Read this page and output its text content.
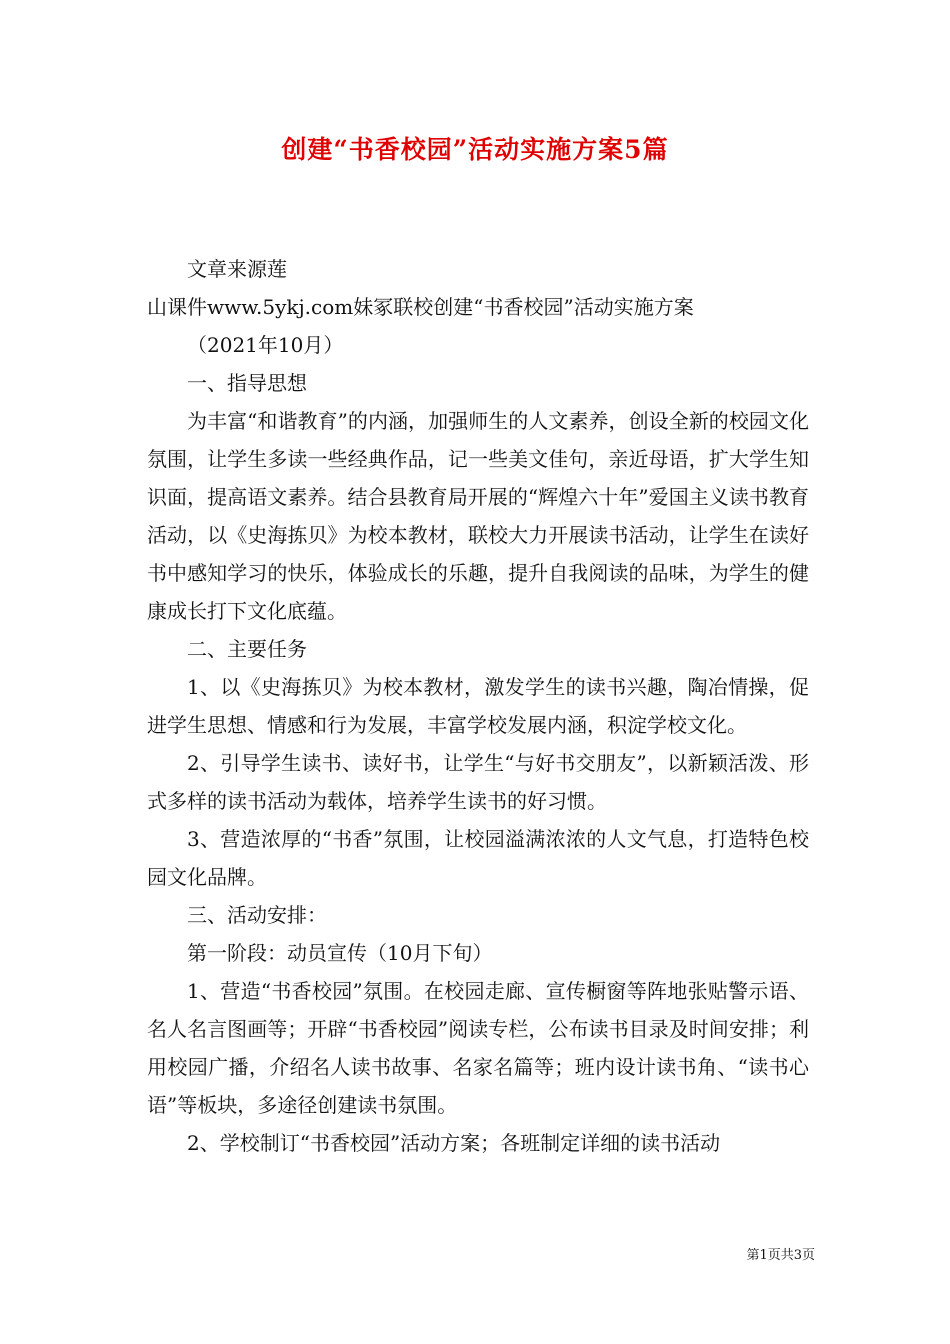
创建“书香校园”活动实施方案5篇

文章来源莲

山课件www.5ykj.com妹冢联校创建“书香校园”活动实施方案

（2021年10月）

一、指导思想

为丰富“和谐教育”的内涵，加强师生的人文素养，创设全新的校园文化氛围，让学生多读一些经典作品，记一些美文佳句，亲近母语，扩大学生知识面，提高语文素养。结合县教育局开展的“辉煌六十年”爱国主义读书教育活动，以《史海拣贝》为校本教材，联校大力开展读书活动，让学生在读好书中感知学习的快乐，体验成长的乐趣，提升自我阅读的品味，为学生的健康成长打下文化底蕴。

二、主要任务

1、以《史海拣贝》为校本教材，激发学生的读书兴趣，陶冶情操，促进学生思想、情感和行为发展，丰富学校发展内涵，积淀学校文化。

2、引导学生读书、读好书，让学生“与好书交朋友”，以新颖活泼、形式多样的读书活动为载体，培养学生读书的好习惯。

3、营造浓厚的“书香”氛围，让校园溢满浓浓的人文气息，打造特色校园文化品牌。

三、活动安排：

第一阶段：动员宣传（10月下旬）

1、营造“书香校园”氛围。在校园走廊、宣传橱窗等阵地张贴警示语、名人名言图画等；开辟“书香校园”阅读专栏，公布读书目录及时间安排；利用校园广播，介绍名人读书故事、名家名篇等；班内设计读书角、“读书心语”等板块，多途径创建读书氛围。

2、学校制订“书香校园”活动方案；各班制定详细的读书活动

第1页共3页
